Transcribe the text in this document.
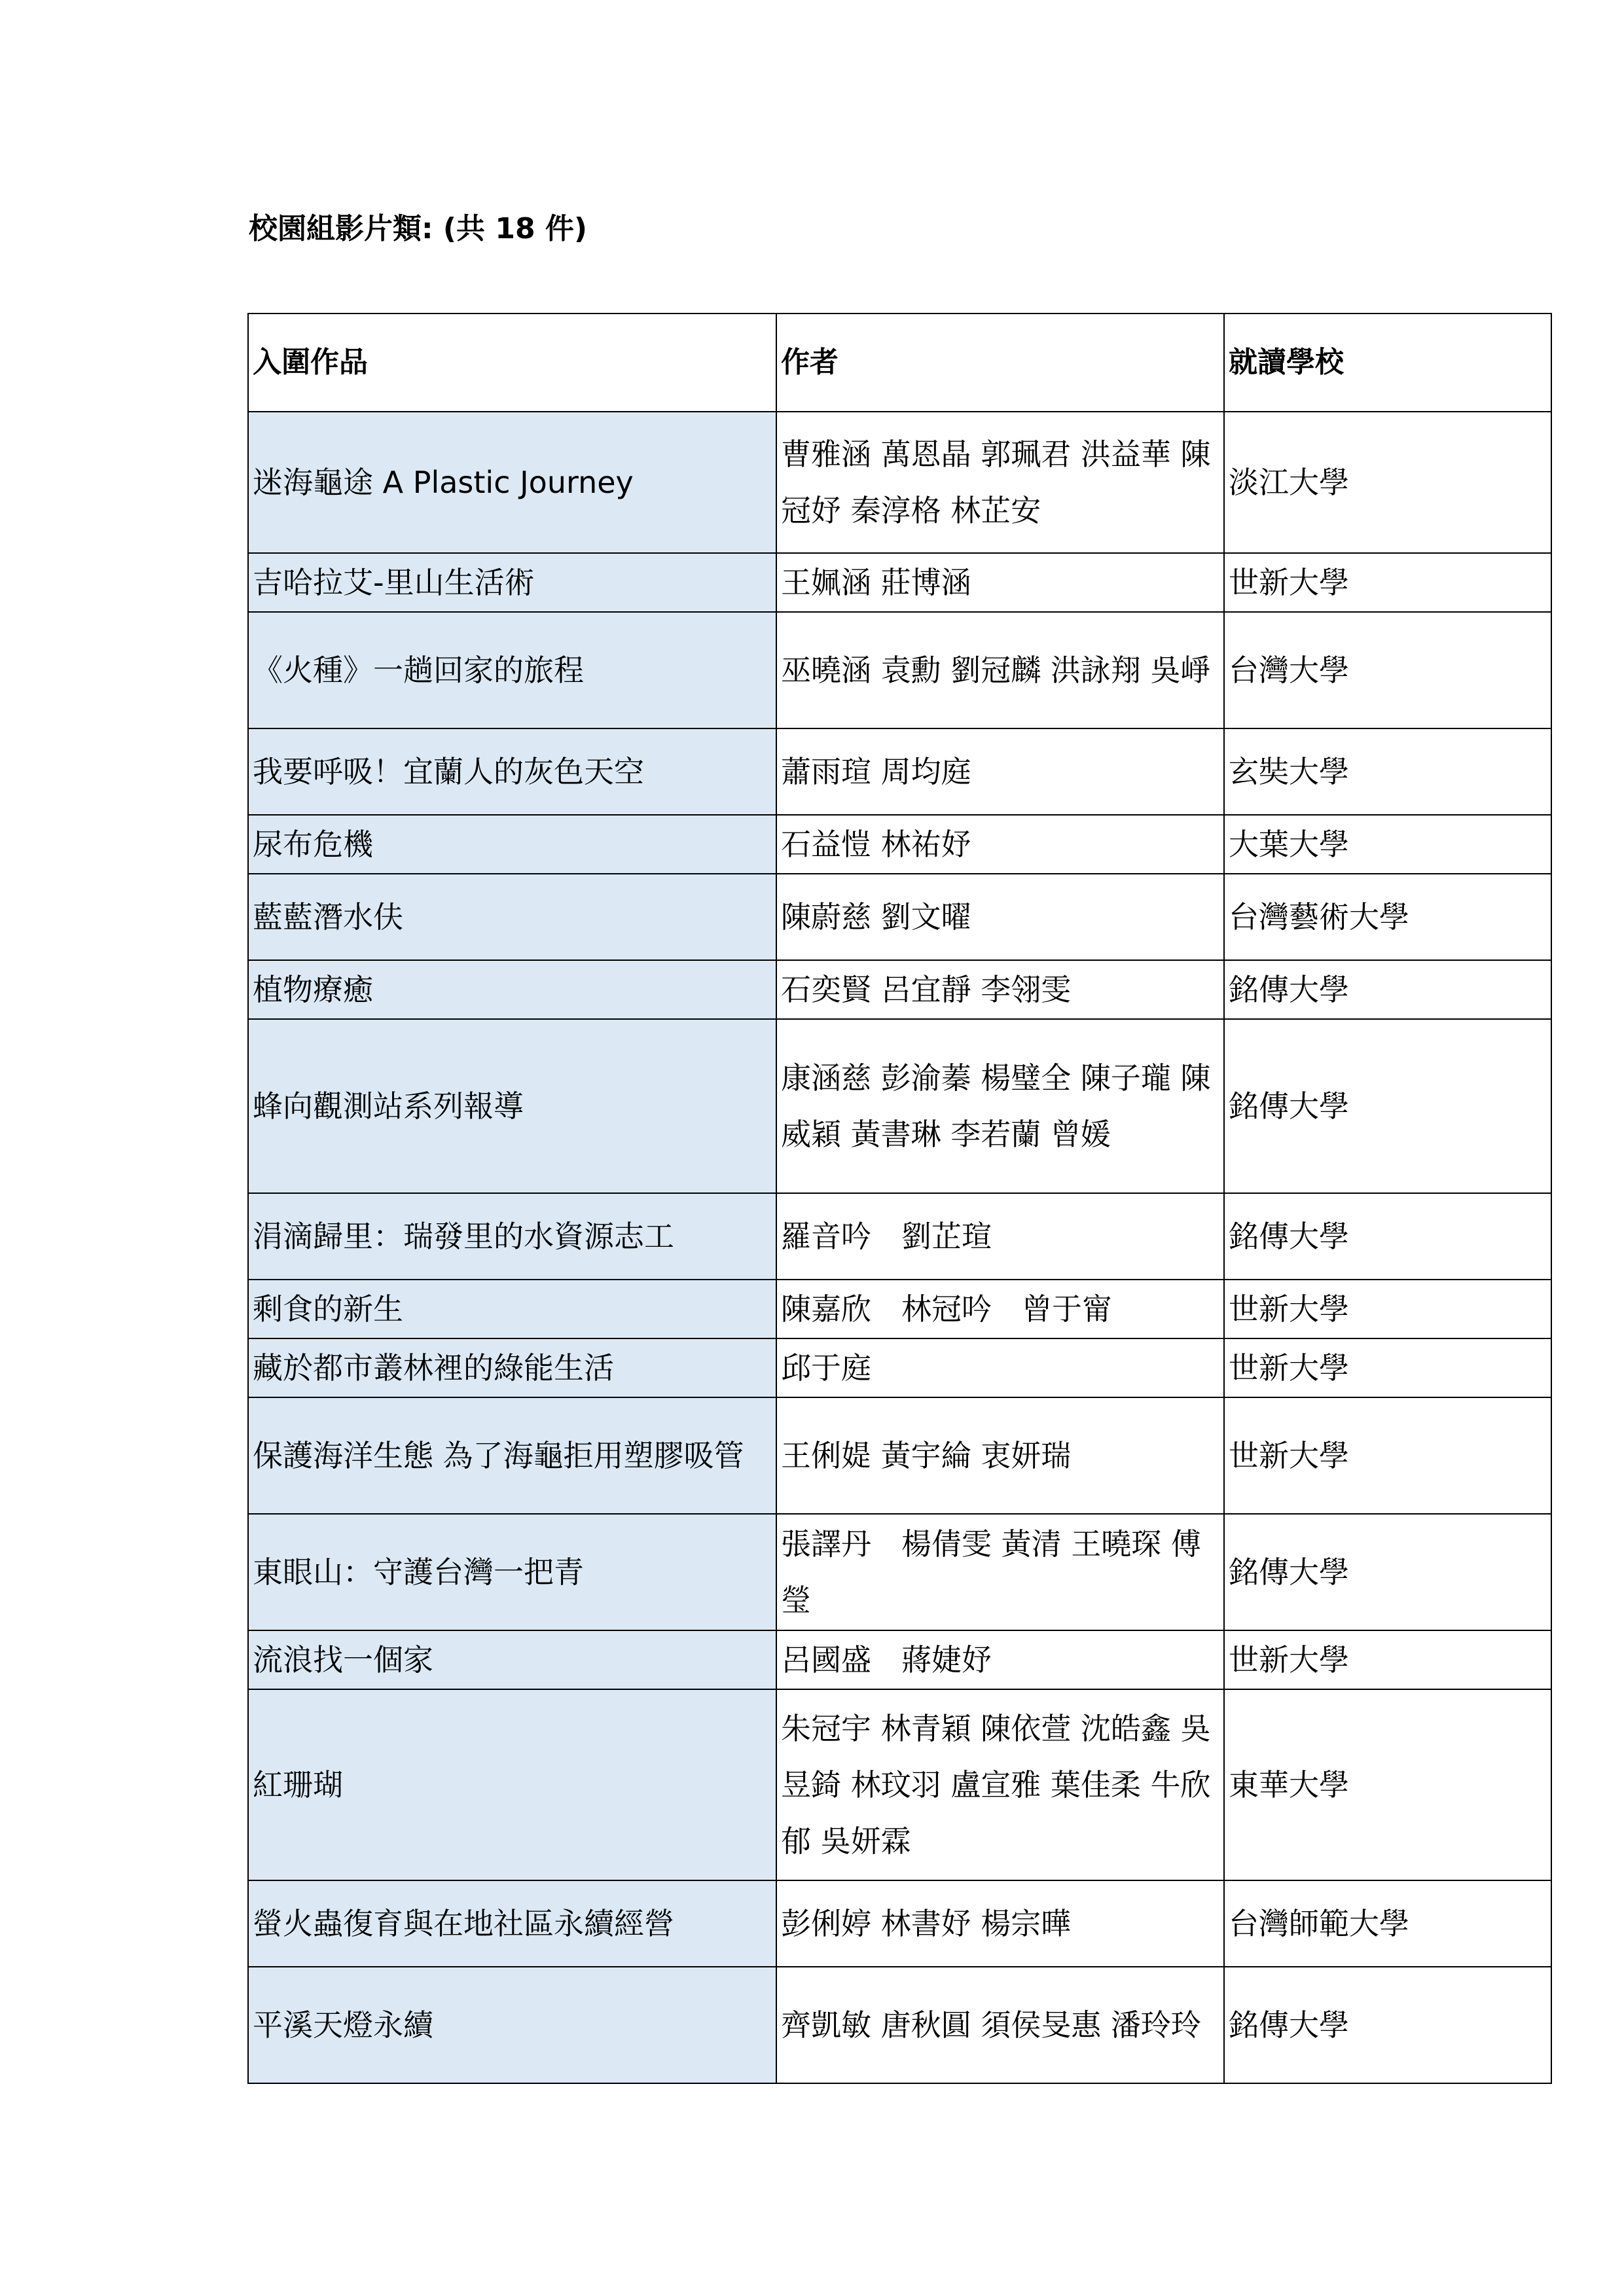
校園組影片類: (共 18 件)
入圍作品	作者	就讀學校
迷海龜途 A Plastic Journey	曹雅涵 萬恩晶 郭珮君 洪益華 陳冠妤 秦淳格 林芷安	淡江大學
吉哈拉艾-里山生活術	王姵涵 莊博涵	世新大學
《火種》一趟回家的旅程	巫曉涵 袁勳 劉冠麟 洪詠翔 吳崢	台灣大學
我要呼吸！宜蘭人的灰色天空	蕭雨瑄 周均庭	玄奘大學
尿布危機	石益愷 林祐妤	大葉大學
藍藍潛水伕	陳蔚慈 劉文曜	台灣藝術大學
植物療癒	石奕賢 呂宜靜 李翎雯	銘傳大學
蜂向觀測站系列報導	康涵慈 彭渝蓁 楊璧全 陳子瓏 陳威穎 黃書琳 李若蘭 曾媛	銘傳大學
涓滴歸里：瑞發里的水資源志工	羅音吟　劉芷瑄	銘傳大學
剩食的新生	陳嘉欣　林冠吟　曾于甯	世新大學
藏於都市叢林裡的綠能生活	邱于庭	世新大學
保護海洋生態 為了海龜拒用塑膠吸管	王俐媞 黃宇綸 衷妍瑞	世新大學
東眼山：守護台灣一把青	張譯丹　楊倩雯 黃清 王曉琛 傅瑩	銘傳大學
流浪找一個家	呂國盛　蔣婕妤	世新大學
紅珊瑚	朱冠宇 林青穎 陳依萱 沈皓鑫 吳昱錡 林玟羽 盧宣雅 葉佳柔 牛欣郁 吳妍霖	東華大學
螢火蟲復育與在地社區永續經營	彭俐婷 林書妤 楊宗曄	台灣師範大學
平溪天燈永續	齊凱敏 唐秋圓 須侯旻惠 潘玲玲	銘傳大學
